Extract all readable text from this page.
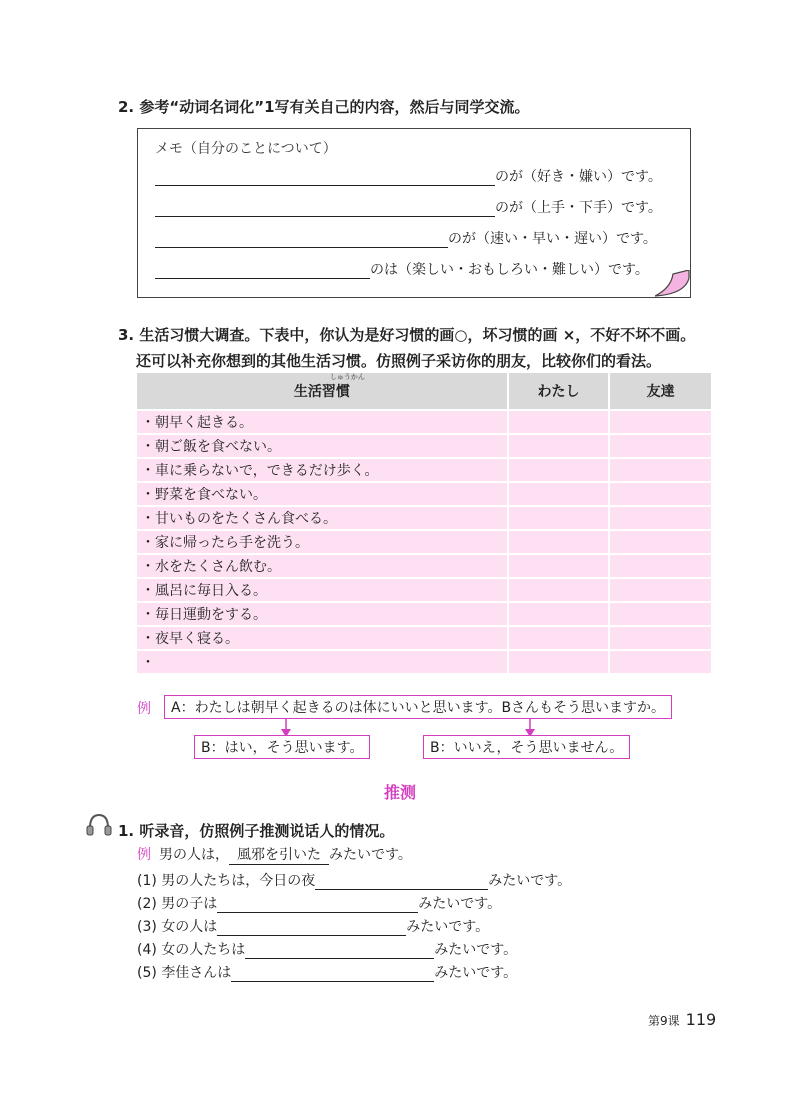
2. 参考“动词名词化”1写有关自己的内容，然后与同学交流。
メモ（自分のことについて）
のが（好き・嫌い）です。
のが（上手・下手）です。
のが（速い・早い・遅い）です。
のは（楽しい・おもしろい・難しい）です。
3. 生活习惯大调查。下表中，你认为是好习惯的画○，坏习惯的画 ×，不好不坏不画。
还可以补充你想到的其他生活习惯。仿照例子采访你的朋友，比较你们的看法。
しゅうかん
生活習慣	わたし	友達
・朝早く起きる。		
・朝ご飯を食べない。		
・車に乗らないで，できるだけ歩く。		
・野菜を食べない。		
・甘いものをたくさん食べる。		
・家に帰ったら手を洗う。		
・水をたくさん飲む。		
・風呂に毎日入る。		
・毎日運動をする。		
・夜早く寝る。		
・		
例	A：わたしは朝早く起きるのは体にいいと思います。Bさんもそう思いますか。
B：はい，そう思います。	B：いいえ，そう思いません。
推测
1. 听录音，仿照例子推测说话人的情况。
例 男の人は， 風邪を引いた みたいです。
(1) 男の人たちは，今日の夜	みたいです。
(2) 男の子は	みたいです。
(3) 女の人は	みたいです。
(4) 女の人たちは	みたいです。
(5) 李佳さんは	みたいです。
第9课 119
